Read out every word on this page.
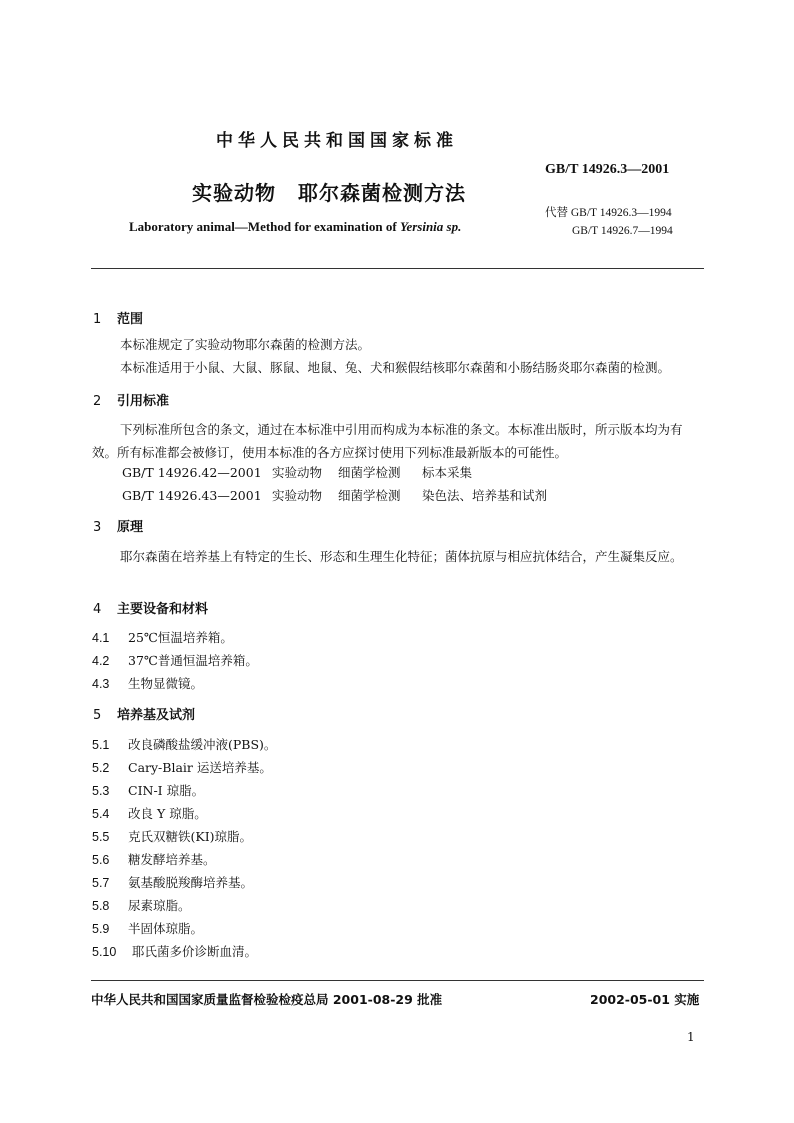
中华人民共和国国家标准
GB/T 14926.3—2001
实验动物 耶尔森菌检测方法
代替 GB/T 14926.3—1994
GB/T 14926.7—1994
Laboratory animal—Method for examination of Yersinia sp.
1 范围
本标准规定了实验动物耶尔森菌的检测方法。
本标准适用于小鼠、大鼠、豚鼠、地鼠、兔、犬和猴假结核耶尔森菌和小肠结肠炎耶尔森菌的检测。
2 引用标准
下列标准所包含的条文，通过在本标准中引用而构成为本标准的条文。本标准出版时，所示版本均为有效。所有标准都会被修订，使用本标准的各方应探讨使用下列标准最新版本的可能性。
GB/T 14926.42—2001 实验动物 细菌学检测 标本采集
GB/T 14926.43—2001 实验动物 细菌学检测 染色法、培养基和试剂
3 原理
耶尔森菌在培养基上有特定的生长、形态和生理生化特征；菌体抗原与相应抗体结合，产生凝集反应。
4 主要设备和材料
4.1 25℃恒温培养箱。
4.2 37℃普通恒温培养箱。
4.3 生物显微镜。
5 培养基及试剂
5.1 改良磷酸盐缓冲液(PBS)。
5.2 Cary-Blair 运送培养基。
5.3 CIN-I 琼脂。
5.4 改良 Y 琼脂。
5.5 克氏双糖铁(KI)琼脂。
5.6 糖发酵培养基。
5.7 氨基酸脱羧酶培养基。
5.8 尿素琼脂。
5.9 半固体琼脂。
5.10 耶氏菌多价诊断血清。
中华人民共和国国家质量监督检验检疫总局 2001-08-29 批准	2002-05-01 实施
1
